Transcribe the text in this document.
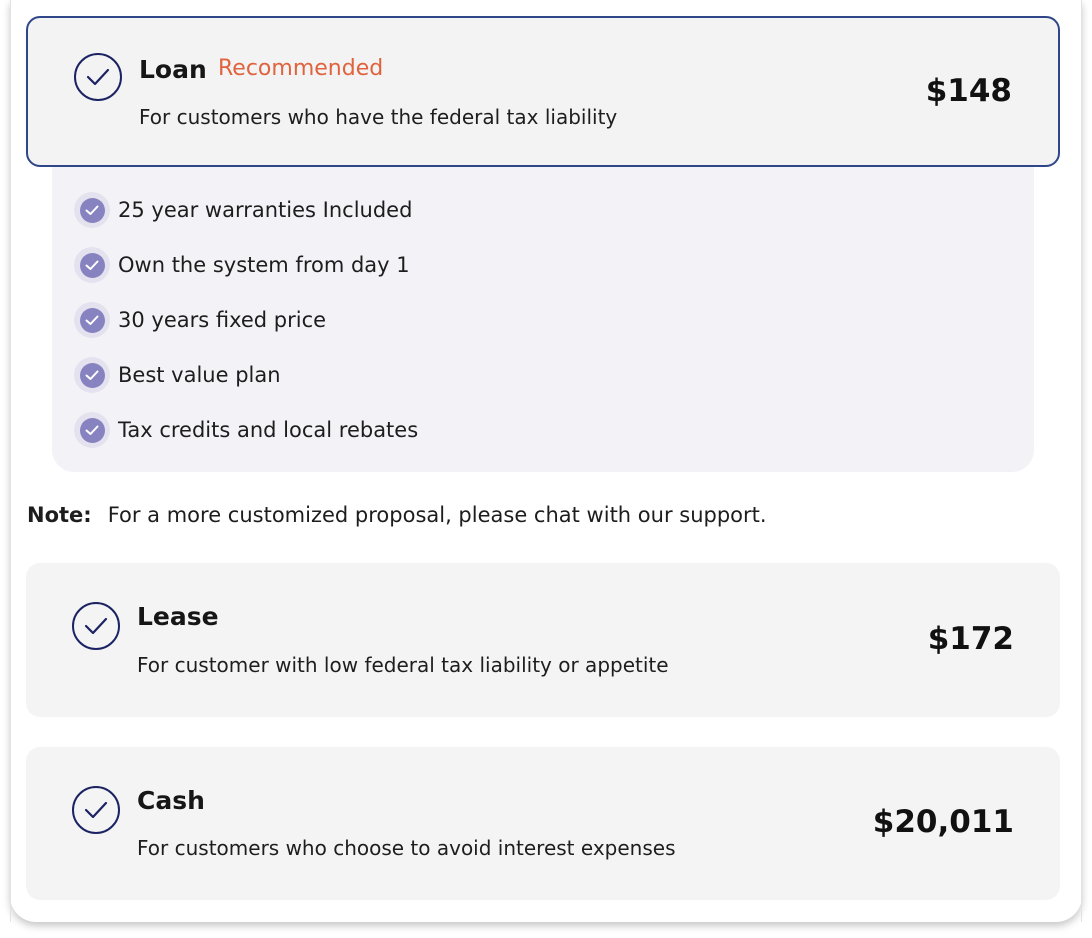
Loan Recommended
For customers who have the federal tax liability
$148
25 year warranties Included
Own the system from day 1
30 years fixed price
Best value plan
Tax credits and local rebates
Note: For a more customized proposal, please chat with our support.
Lease
For customer with low federal tax liability or appetite
$172
Cash
For customers who choose to avoid interest expenses
$20,011
